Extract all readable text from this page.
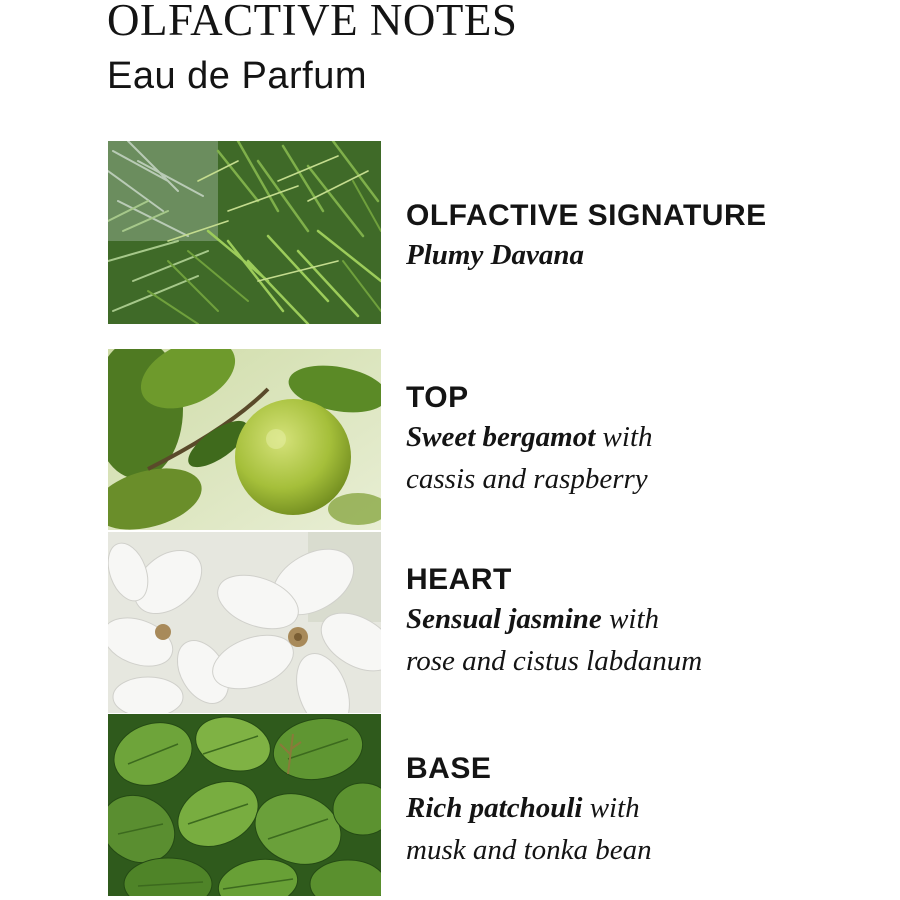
OLFACTIVE NOTES
Eau de Parfum
OLFACTIVE SIGNATURE
Plumy Davana
TOP
Sweet bergamot with
cassis and raspberry
HEART
Sensual jasmine with
rose and cistus labdanum
BASE
Rich patchouli with
musk and tonka bean
